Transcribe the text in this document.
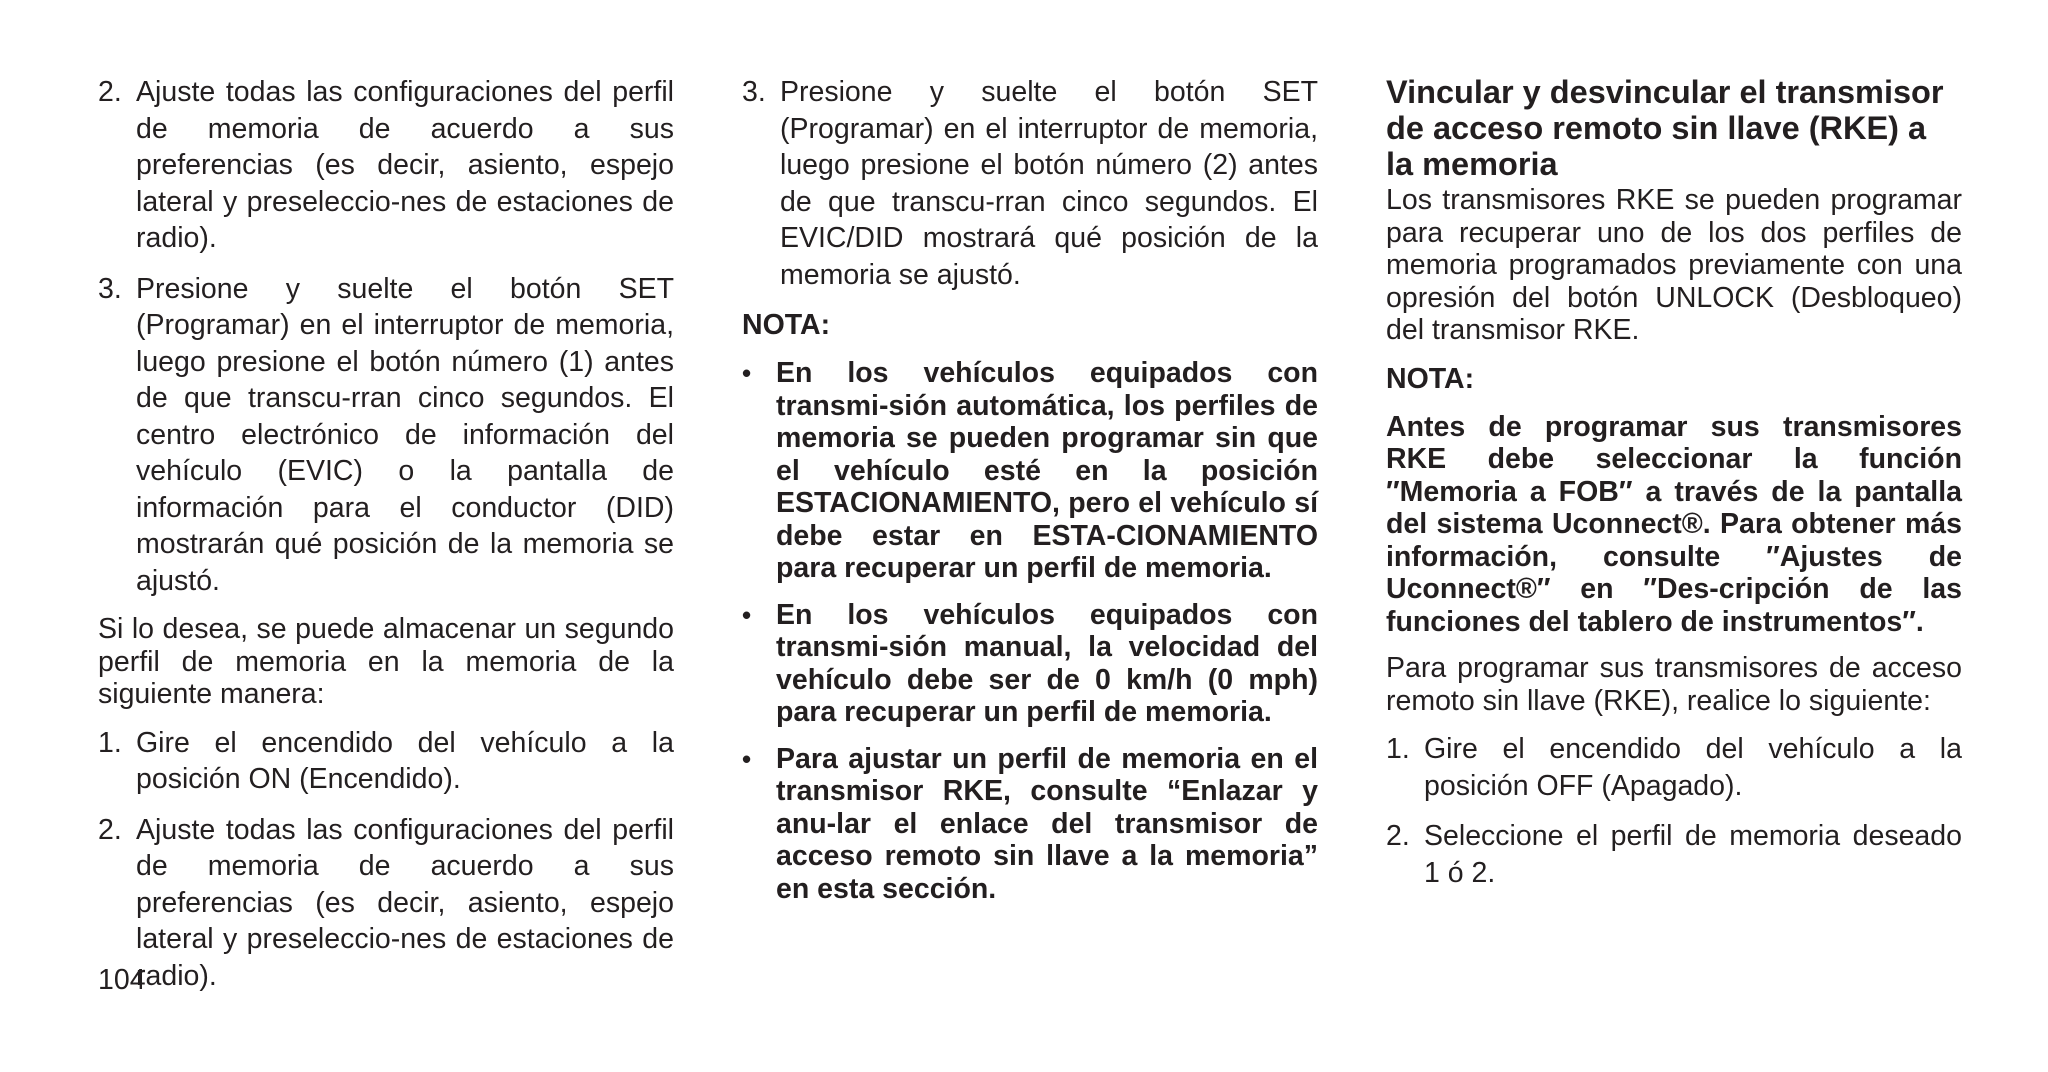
2. Ajuste todas las configuraciones del perfil de memoria de acuerdo a sus preferencias (es decir, asiento, espejo lateral y preseleccio-nes de estaciones de radio).
3. Presione y suelte el botón SET (Programar) en el interruptor de memoria, luego presione el botón número (1) antes de que transcu-rran cinco segundos. El centro electrónico de información del vehículo (EVIC) o la pantalla de información para el conductor (DID) mostrarán qué posición de la memoria se ajustó.

Si lo desea, se puede almacenar un segundo perfil de memoria en la memoria de la siguiente manera:

1. Gire el encendido del vehículo a la posición ON (Encendido).
2. Ajuste todas las configuraciones del perfil de memoria de acuerdo a sus preferencias (es decir, asiento, espejo lateral y preseleccio-nes de estaciones de radio).
3. Presione y suelte el botón SET (Programar) en el interruptor de memoria, luego presione el botón número (2) antes de que transcu-rran cinco segundos. El EVIC/DID mostrará qué posición de la memoria se ajustó.
NOTA:
• En los vehículos equipados con transmi-sión automática, los perfiles de memoria se pueden programar sin que el vehículo esté en la posición ESTACIONAMIENTO, pero el vehículo sí debe estar en ESTA-CIONAMIENTO para recuperar un perfil de memoria.
• En los vehículos equipados con transmi-sión manual, la velocidad del vehículo debe ser de 0 km/h (0 mph) para recuperar un perfil de memoria.
• Para ajustar un perfil de memoria en el transmisor RKE, consulte “Enlazar y anu-lar el enlace del transmisor de acceso remoto sin llave a la memoria” en esta sección.
Vincular y desvincular el transmisor de acceso remoto sin llave (RKE) a la memoria

Los transmisores RKE se pueden programar para recuperar uno de los dos perfiles de memoria programados previamente con una opresión del botón UNLOCK (Desbloqueo) del transmisor RKE.

NOTA:

Antes de programar sus transmisores RKE debe seleccionar la función ″Memoria a FOB″ a través de la pantalla del sistema Uconnect®. Para obtener más información, consulte ″Ajustes de Uconnect®″ en ″Des-cripción de las funciones del tablero de instrumentos″.

Para programar sus transmisores de acceso remoto sin llave (RKE), realice lo siguiente:

1. Gire el encendido del vehículo a la posición OFF (Apagado).
2. Seleccione el perfil de memoria deseado 1 ó 2.
104
